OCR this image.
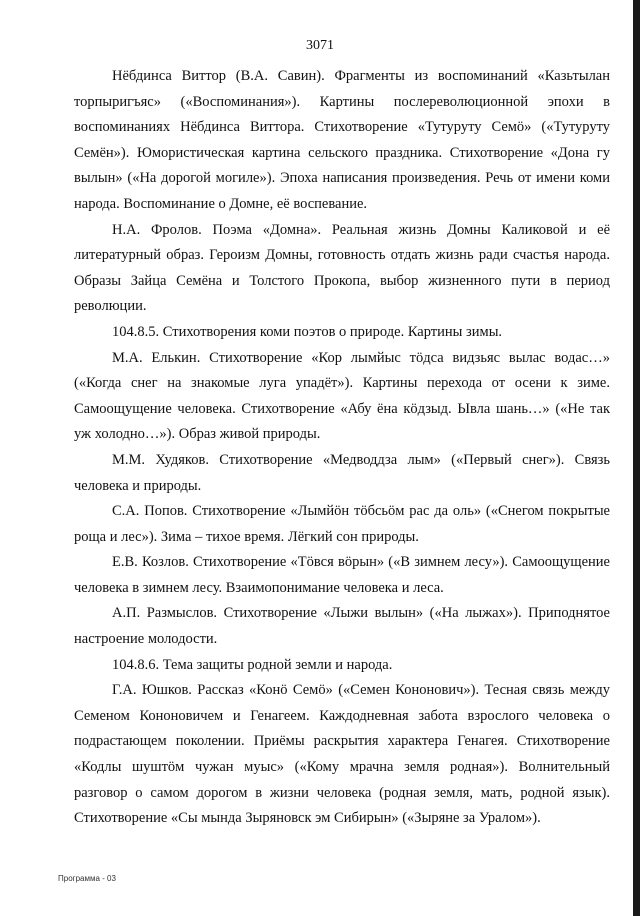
3071

Нёбдинса Виттор (В.А. Савин). Фрагменты из воспоминаний «Казьтылан торпыригъяс» («Воспоминания»). Картины послереволюционной эпохи в воспоминаниях Нёбдинса Виттора. Стихотворение «Тутуруту Семӧ» («Тутуруту Семён»). Юмористическая картина сельского праздника. Стихотворение «Дона гу вылын» («На дорогой могиле»). Эпоха написания произведения. Речь от имени коми народа. Воспоминание о Домне, её воспевание.

Н.А. Фролов. Поэма «Домна». Реальная жизнь Домны Каликовой и её литературный образ. Героизм Домны, готовность отдать жизнь ради счастья народа. Образы Зайца Семёна и Толстого Прокопа, выбор жизненного пути в период революции.

104.8.5. Стихотворения коми поэтов о природе. Картины зимы.

М.А. Елькин. Стихотворение «Кор лымйыс тӧдса видзьяс вылас водас…» («Когда снег на знакомые луга упадёт»). Картины перехода от осени к зиме. Самоощущение человека. Стихотворение «Абу ёна кӧдзыд. Ывла шань…» («Не так уж холодно…»). Образ живой природы.

М.М. Худяков. Стихотворение «Медводдза лым» («Первый снег»). Связь человека и природы.

С.А. Попов. Стихотворение «Лымйӧн тӧбсьӧм рас да оль» («Снегом покрытые роща и лес»). Зима – тихое время. Лёгкий сон природы.

Е.В. Козлов. Стихотворение «Тӧвся вӧрын» («В зимнем лесу»). Самоощущение человека в зимнем лесу. Взаимопонимание человека и леса.

А.П. Размыслов. Стихотворение «Лыжи вылын» («На лыжах»). Приподнятое настроение молодости.

104.8.6. Тема защиты родной земли и народа.

Г.А. Юшков. Рассказ «Конӧ Семӧ» («Семен Кононович»). Тесная связь между Семеном Кононовичем и Генагеем. Каждодневная забота взрослого человека о подрастающем поколении. Приёмы раскрытия характера Генагея. Стихотворение «Кодлы шуштӧм чужан муыс» («Кому мрачна земля родная»). Волнительный разговор о самом дорогом в жизни человека (родная земля, мать, родной язык). Стихотворение «Сы мында Зыряновск эм Сибирын» («Зыряне за Уралом»).

Программа - 03
